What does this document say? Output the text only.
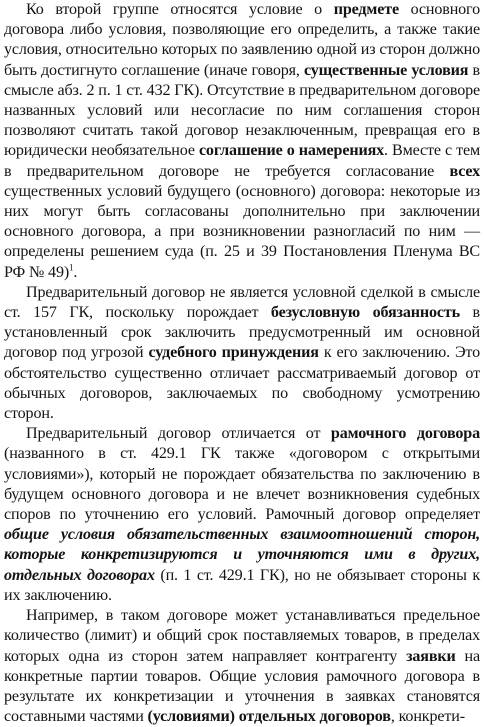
Ко второй группе относятся условие о предмете основного договора либо условия, позволяющие его определить, а также такие условия, относительно которых по заявлению одной из сторон должно быть достигнуто соглашение (иначе говоря, существенные условия в смысле абз. 2 п. 1 ст. 432 ГК). Отсутствие в предварительном договоре названных условий или несогласие по ним соглашения сторон позволяют считать такой договор незаключенным, превращая его в юридически необязательное соглашение о намерениях. Вместе с тем в предварительном договоре не требуется согласование всех существенных условий будущего (основного) договора: некоторые из них могут быть согласованы дополнительно при заключении основного договора, а при возникновении разногласий по ним — определены решением суда (п. 25 и 39 Постановления Пленума ВС РФ № 49)$^1$.

Предварительный договор не является условной сделкой в смысле ст. 157 ГК, поскольку порождает безусловную обязанность в установленный срок заключить предусмотренный им основной договор под угрозой судебного принуждения к его заключению. Это обстоятельство существенно отличает рассматриваемый договор от обычных договоров, заключаемых по свободному усмотрению сторон.

Предварительный договор отличается от рамочного договора (названного в ст. 429.1 ГК также «договором с открытыми условиями»), который не порождает обязательства по заключению в будущем основного договора и не влечет возникновения судебных споров по уточнению его условий. Рамочный договор определяет общие условия обязательственных взаимоотношений сторон, которые конкретизируются и уточняются ими в других, отдельных договорах (п. 1 ст. 429.1 ГК), но не обязывает стороны к их заключению.

Например, в таком договоре может устанавливаться предельное количество (лимит) и общий срок поставляемых товаров, в пределах которых одна из сторон затем направляет контрагенту заявки на конкретные партии товаров. Общие условия рамочного договора в результате их конкретизации и уточнения в заявках становятся составными частями (условиями) отдельных договоров, конкрети-
